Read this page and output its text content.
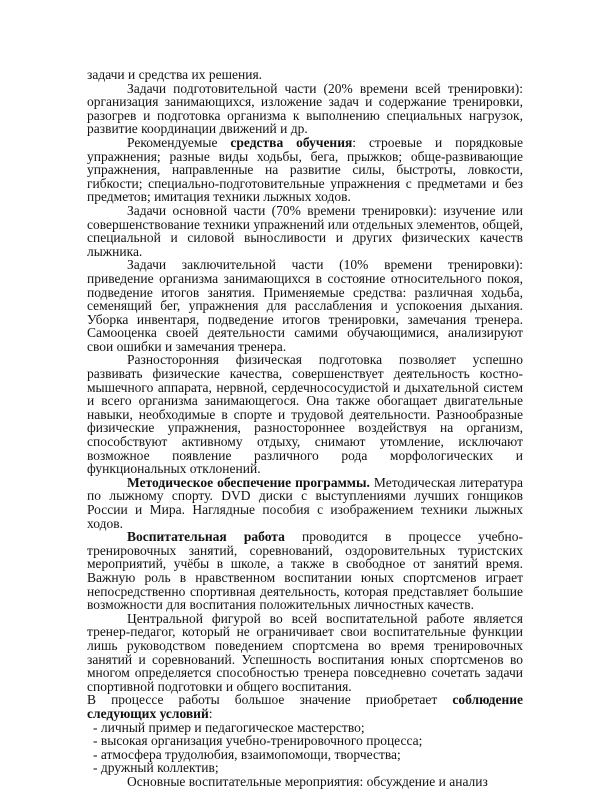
задачи и средства их решения.

Задачи подготовительной части (20% времени всей тренировки): организация занимающихся, изложение задач и содержание тренировки, разогрев и подготовка организма к выполнению специальных нагрузок, развитие координации движений и др.

Рекомендуемые средства обучения: строевые и порядковые упражнения; разные виды ходьбы, бега, прыжков; обще-развивающие упражнения, направленные на развитие силы, быстроты, ловкости, гибкости; специально-подготовительные упражнения с предметами и без предметов; имитация техники лыжных ходов.

Задачи основной части (70% времени тренировки): изучение или совершенствование техники упражнений или отдельных элементов, общей, специальной и силовой выносливости и других физических качеств лыжника.

Задачи заключительной части (10% времени тренировки): приведение организма занимающихся в состояние относительного покоя, подведение итогов занятия. Применяемые средства: различная ходьба, семенящий бег, упражнения для расслабления и успокоения дыхания. Уборка инвентаря, подведение итогов тренировки, замечания тренера. Самооценка своей деятельности самими обучающимися, анализируют свои ошибки и замечания тренера.

Разносторонняя физическая подготовка позволяет успешно развивать физические качества, совершенствует деятельность костно-мышечного аппарата, нервной, сердечнососудистой и дыхательной систем и всего организма занимающегося. Она также обогащает двигательные навыки, необходимые в спорте и трудовой деятельности. Разнообразные физические упражнения, разностороннее воздействуя на организм, способствуют активному отдыху, снимают утомление, исключают возможное появление различного рода морфологических и функциональных отклонений.

Методическое обеспечение программы. Методическая литература по лыжному спорту. DVD диски с выступлениями лучших гонщиков России и Мира. Наглядные пособия с изображением техники лыжных ходов.

Воспитательная работа проводится в процессе учебно-тренировочных занятий, соревнований, оздоровительных туристских мероприятий, учёбы в школе, а также в свободное от занятий время. Важную роль в нравственном воспитании юных спортсменов играет непосредственно спортивная деятельность, которая представляет большие возможности для воспитания положительных личностных качеств.

Центральной фигурой во всей воспитательной работе является тренер-педагог, который не ограничивает свои воспитательные функции лишь руководством поведением спортсмена во время тренировочных занятий и соревнований. Успешность воспитания юных спортсменов во многом определяется способностью тренера повседневно сочетать задачи спортивной подготовки и общего воспитания.

В процессе работы большое значение приобретает соблюдение следующих условий:

- личный пример и педагогическое мастерство;
- высокая организация учебно-тренировочного процесса;
- атмосфера трудолюбия, взаимопомощи, творчества;
- дружный коллектив;

Основные воспитательные мероприятия: обсуждение и анализ
